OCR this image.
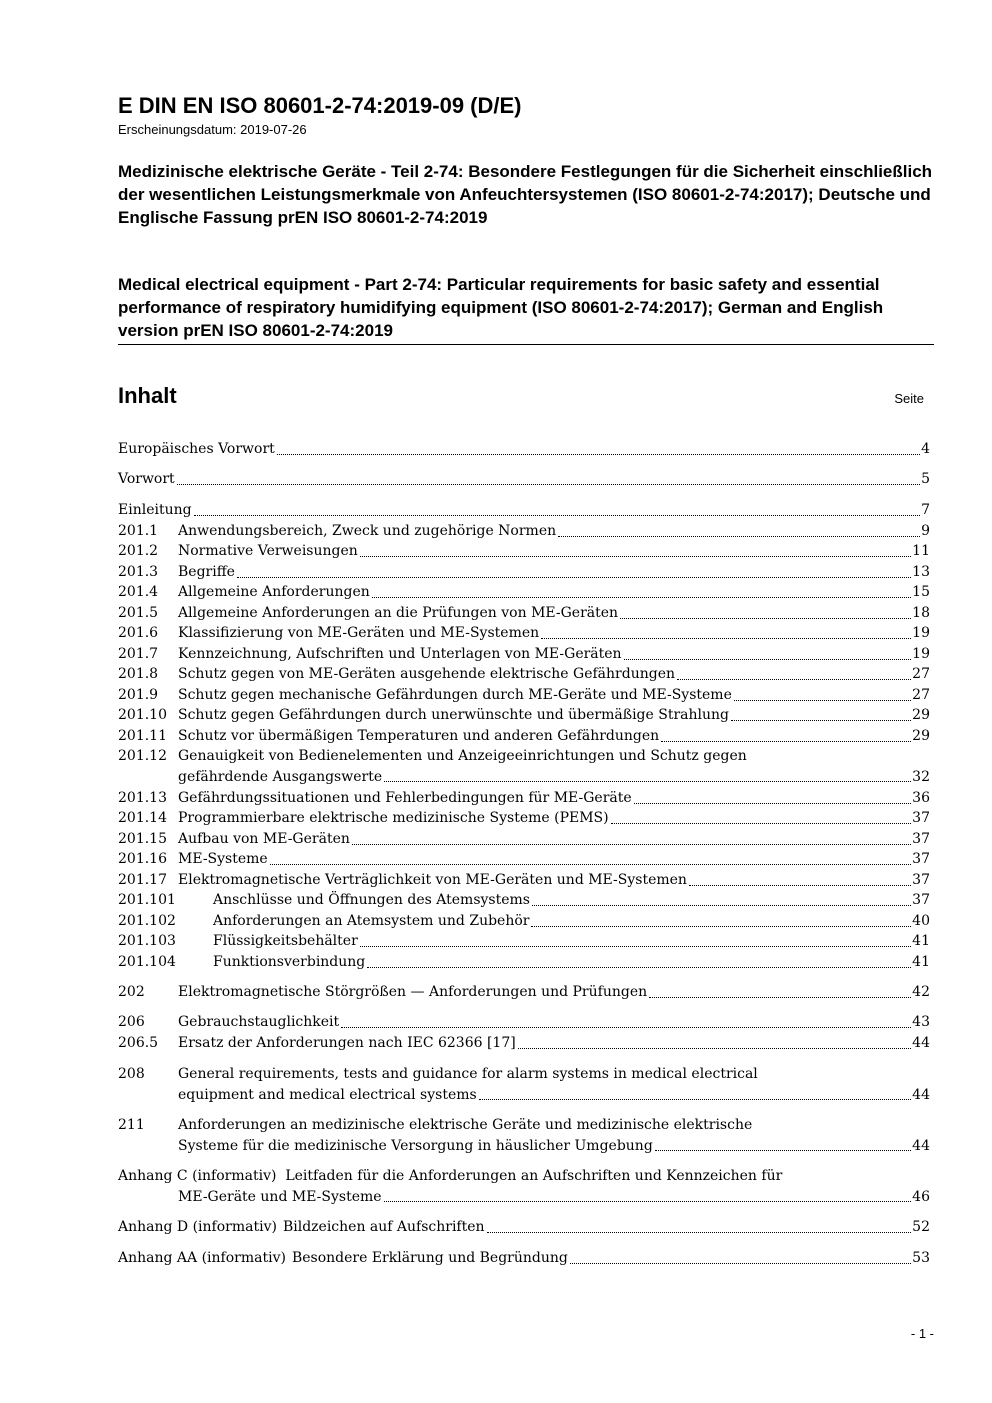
E DIN EN ISO 80601-2-74:2019-09 (D/E)

Erscheinungsdatum: 2019-07-26

Medizinische elektrische Geräte - Teil 2-74: Besondere Festlegungen für die Sicherheit einschließlich der wesentlichen Leistungsmerkmale von Anfeuchtersystemen (ISO 80601-2-74:2017); Deutsche und Englische Fassung prEN ISO 80601-2-74:2019

Medical electrical equipment - Part 2-74: Particular requirements for basic safety and essential performance of respiratory humidifying equipment (ISO 80601-2-74:2017); German and English version prEN ISO 80601-2-74:2019

Inhalt	Seite
Europäisches Vorwort	4
Vorwort	5
Einleitung	7
201.1	Anwendungsbereich, Zweck und zugehörige Normen	9
201.2	Normative Verweisungen	11
201.3	Begriffe	13
201.4	Allgemeine Anforderungen	15
201.5	Allgemeine Anforderungen an die Prüfungen von ME-Geräten	18
201.6	Klassifizierung von ME-Geräten und ME-Systemen	19
201.7	Kennzeichnung, Aufschriften und Unterlagen von ME-Geräten	19
201.8	Schutz gegen von ME-Geräten ausgehende elektrische Gefährdungen	27
201.9	Schutz gegen mechanische Gefährdungen durch ME-Geräte und ME-Systeme	27
201.10 Schutz gegen Gefährdungen durch unerwünschte und übermäßige Strahlung	29
201.11 Schutz vor übermäßigen Temperaturen und anderen Gefährdungen	29
201.12 Genauigkeit von Bedienelementen und Anzeigeeinrichtungen und Schutz gegen
gefährdende Ausgangswerte	32
201.13 Gefährdungssituationen und Fehlerbedingungen für ME-Geräte	36
201.14 Programmierbare elektrische medizinische Systeme (PEMS)	37
201.15 Aufbau von ME-Geräten	37
201.16 ME-Systeme	37
201.17 Elektromagnetische Verträglichkeit von ME-Geräten und ME-Systemen	37
201.101	Anschlüsse und Öffnungen des Atemsystems	37
201.102	Anforderungen an Atemsystem und Zubehör	40
201.103	Flüssigkeitsbehälter	41
201.104	Funktionsverbindung	41
202	Elektromagnetische Störgrößen — Anforderungen und Prüfungen	42
206	Gebrauchstauglichkeit	43
206.5	Ersatz der Anforderungen nach IEC 62366 [17]	44
208	General requirements, tests and guidance for alarm systems in medical electrical
equipment and medical electrical systems	44
211	Anforderungen an medizinische elektrische Geräte und medizinische elektrische
Systeme für die medizinische Versorgung in häuslicher Umgebung	44
Anhang C (informativ) Leitfaden für die Anforderungen an Aufschriften und Kennzeichen für
ME-Geräte und ME-Systeme	46
Anhang D (informativ) Bildzeichen auf Aufschriften	52
Anhang AA (informativ) Besondere Erklärung und Begründung	53
- 1 -
